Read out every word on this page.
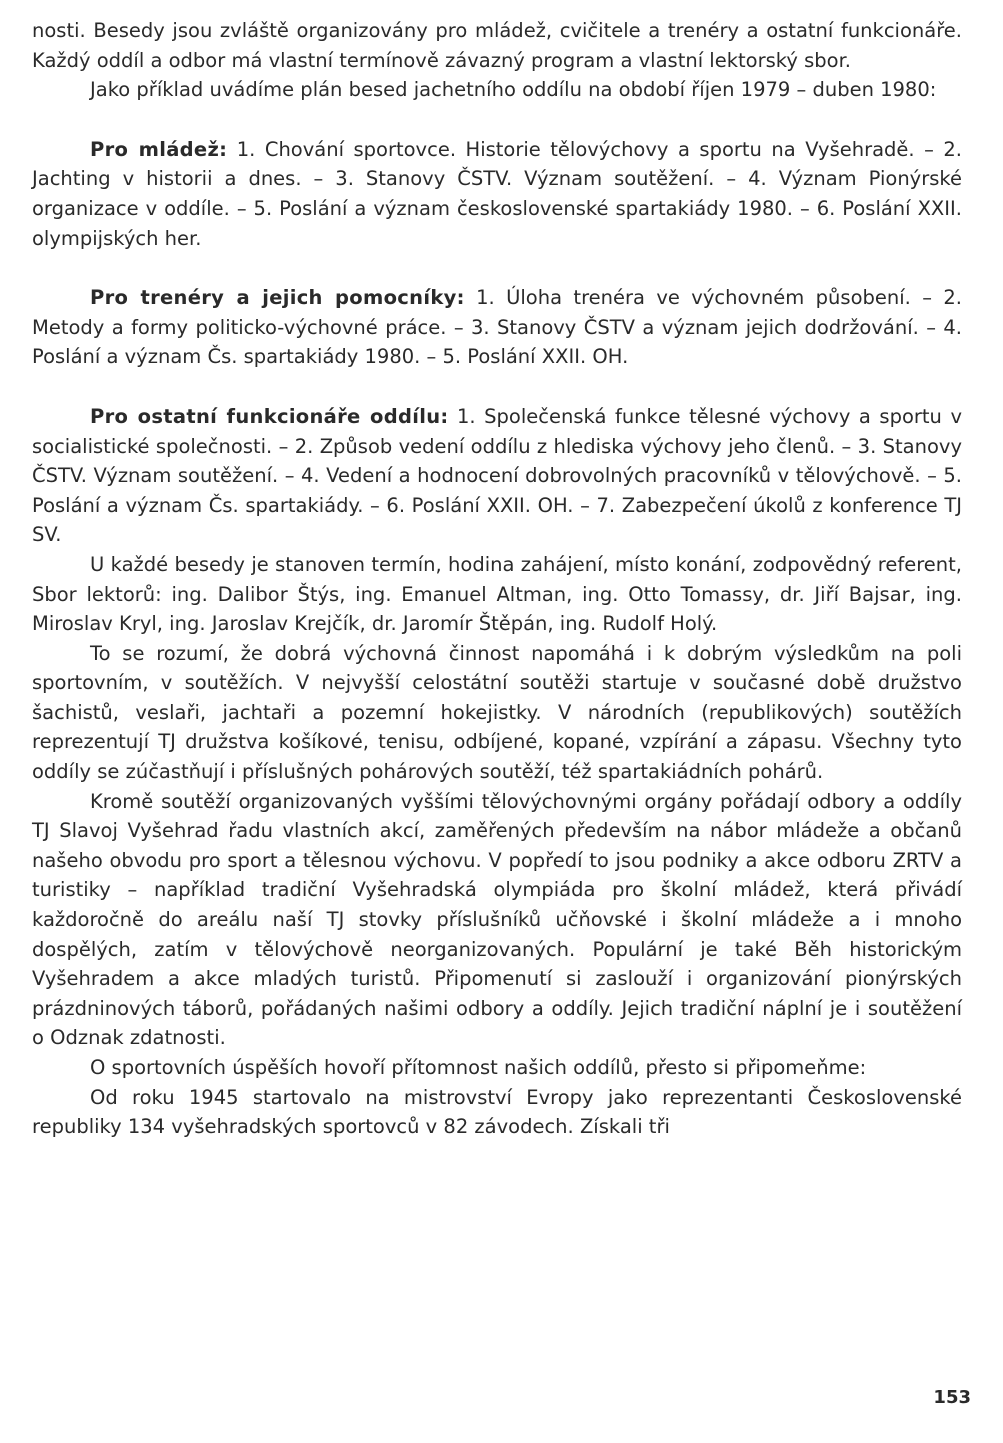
nosti. Besedy jsou zvláště organizovány pro mládež, cvičitele a trenéry a ostatní funkcionáře. Každý oddíl a odbor má vlastní termínově závazný program a vlastní lektorský sbor.

Jako příklad uvádíme plán besed jachetního oddílu na období říjen 1979 – duben 1980:

Pro mládež: 1. Chování sportovce. Historie tělovýchovy a sportu na Vyšehradě. – 2. Jachting v historii a dnes. – 3. Stanovy ČSTV. Význam soutěžení. – 4. Význam Pionýrské organizace v oddíle. – 5. Poslání a význam československé spartakiády 1980. – 6. Poslání XXII. olympijských her.

Pro trenéry a jejich pomocníky: 1. Úloha trenéra ve výchovném působení. – 2. Metody a formy politicko-výchovné práce. – 3. Stanovy ČSTV a význam jejich dodržování. – 4. Poslání a význam Čs. spartakiády 1980. – 5. Poslání XXII. OH.

Pro ostatní funkcionáře oddílu: 1. Společenská funkce tělesné výchovy a sportu v socialistické společnosti. – 2. Způsob vedení oddílu z hlediska výchovy jeho členů. – 3. Stanovy ČSTV. Význam soutěžení. – 4. Vedení a hodnocení dobrovolných pracovníků v tělovýchově. – 5. Poslání a význam Čs. spartakiády. – 6. Poslání XXII. OH. – 7. Zabezpečení úkolů z konference TJ SV.

U každé besedy je stanoven termín, hodina zahájení, místo konání, zodpovědný referent, Sbor lektorů: ing. Dalibor Štýs, ing. Emanuel Altman, ing. Otto Tomassy, dr. Jiří Bajsar, ing. Miroslav Kryl, ing. Jaroslav Krejčík, dr. Jaromír Štěpán, ing. Rudolf Holý.

To se rozumí, že dobrá výchovná činnost napomáhá i k dobrým výsledkům na poli sportovním, v soutěžích. V nejvyšší celostátní soutěži startuje v současné době družstvo šachistů, veslaři, jachtaři a pozemní hokejistky. V národních (republikových) soutěžích reprezentují TJ družstva košíkové, tenisu, odbíjené, kopané, vzpírání a zápasu. Všechny tyto oddíly se zúčastňují i příslušných pohárových soutěží, též spartakiádních pohárů.

Kromě soutěží organizovaných vyššími tělovýchovnými orgány pořádají odbory a oddíly TJ Slavoj Vyšehrad řadu vlastních akcí, zaměřených především na nábor mládeže a občanů našeho obvodu pro sport a tělesnou výchovu. V popředí to jsou podniky a akce odboru ZRTV a turistiky – například tradiční Vyšehradská olympiáda pro školní mládež, která přivádí každoročně do areálu naší TJ stovky příslušníků učňovské i školní mládeže a i mnoho dospělých, zatím v tělovýchově neorganizovaných. Populární je také Běh historickým Vyšehradem a akce mladých turistů. Připomenutí si zaslouží i organizování pionýrských prázdninových táborů, pořádaných našimi odbory a oddíly. Jejich tradiční náplní je i soutěžení o Odznak zdatnosti.

O sportovních úspěších hovoří přítomnost našich oddílů, přesto si připomeňme:

Od roku 1945 startovalo na mistrovství Evropy jako reprezentanti Československé republiky 134 vyšehradských sportovců v 82 závodech. Získali tři

153
